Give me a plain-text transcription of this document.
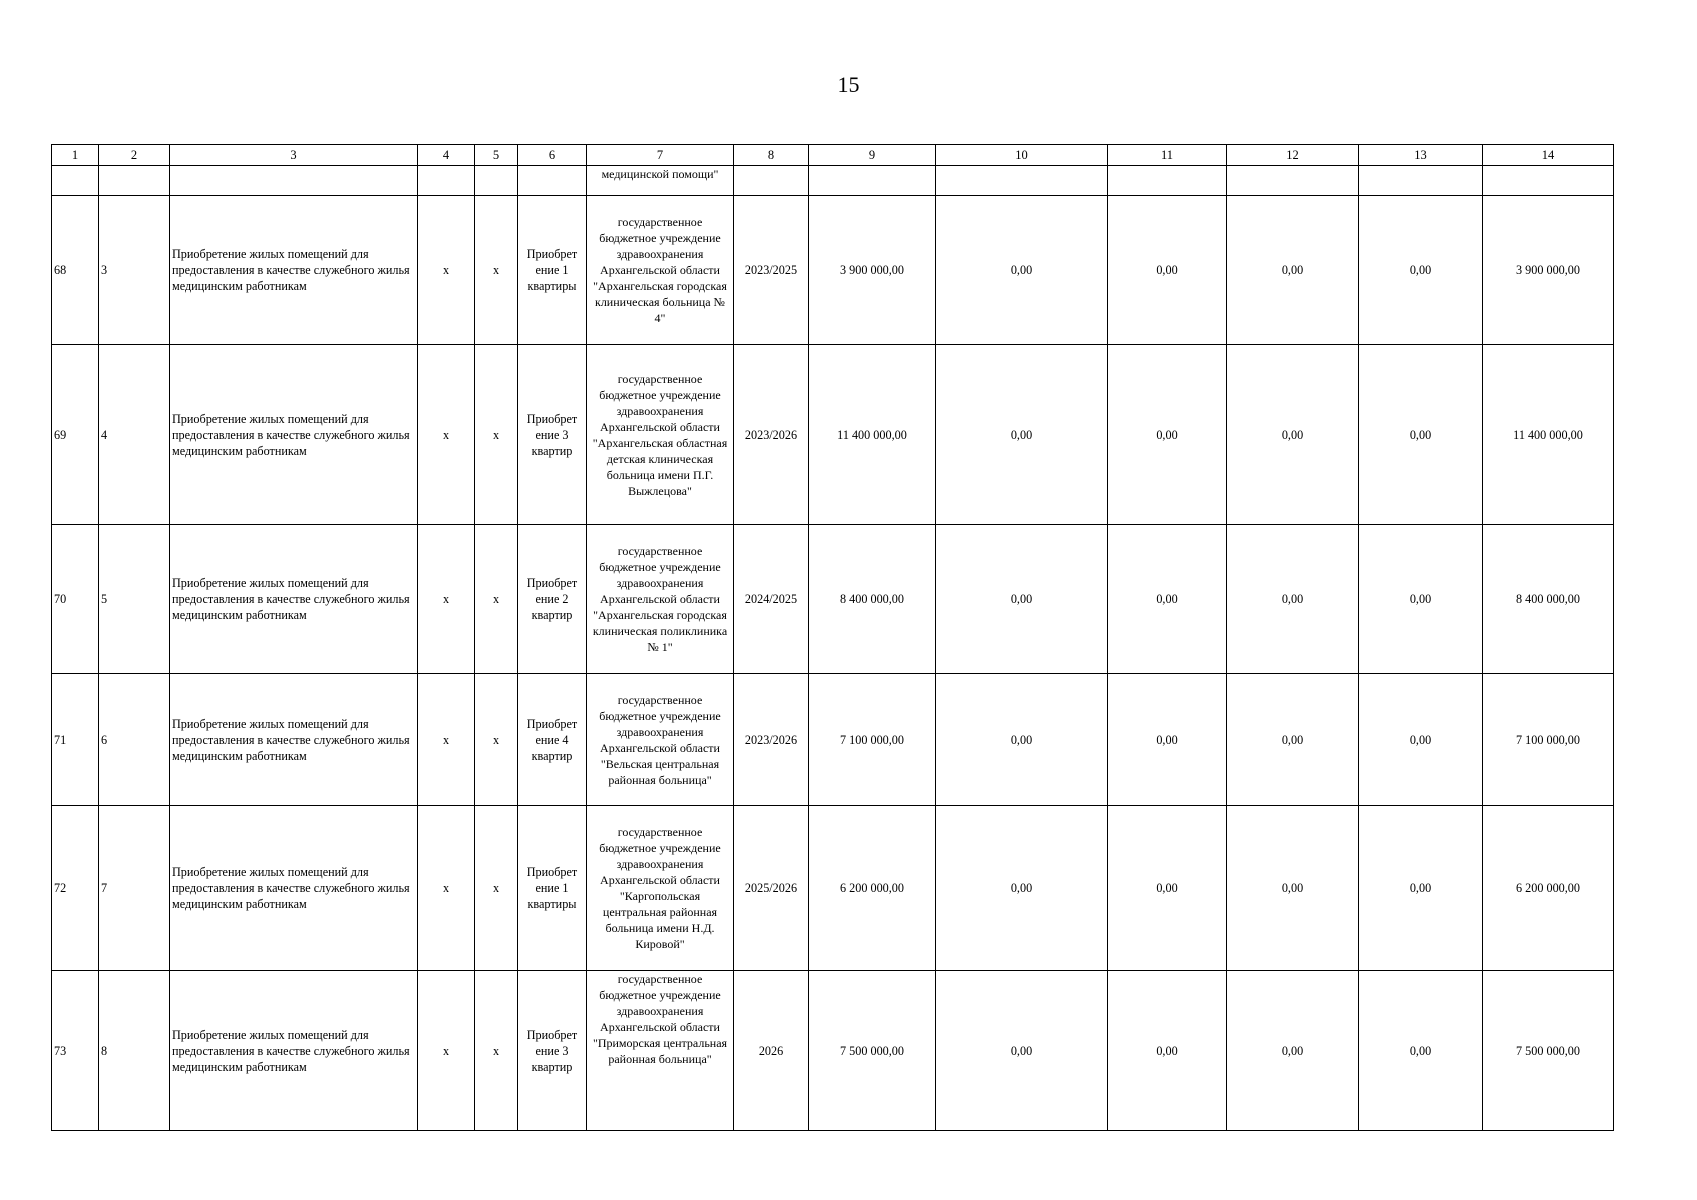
15
1	2	3	4	5	6	7	8	9	10	11	12	13	14
						медицинской помощи"							
68	3	Приобретение жилых помещений для предоставления в качестве служебного жилья медицинским работникам	х	х	Приобрет ение 1 квартиры	государственное бюджетное учреждение здравоохранения Архангельской области "Архангельская городская клиническая больница № 4"	2023/2025	3 900 000,00	0,00	0,00	0,00	0,00	3 900 000,00
69	4	Приобретение жилых помещений для предоставления в качестве служебного жилья медицинским работникам	х	х	Приобрет ение 3 квартир	государственное бюджетное учреждение здравоохранения Архангельской области "Архангельская областная детская клиническая больница имени П.Г. Выжлецова"	2023/2026	11 400 000,00	0,00	0,00	0,00	0,00	11 400 000,00
70	5	Приобретение жилых помещений для предоставления в качестве служебного жилья медицинским работникам	х	х	Приобрет ение 2 квартир	государственное бюджетное учреждение здравоохранения Архангельской области "Архангельская городская клиническая поликлиника № 1"	2024/2025	8 400 000,00	0,00	0,00	0,00	0,00	8 400 000,00
71	6	Приобретение жилых помещений для предоставления в качестве служебного жилья медицинским работникам	х	х	Приобрет ение 4 квартир	государственное бюджетное учреждение здравоохранения Архангельской области "Вельская центральная районная больница"	2023/2026	7 100 000,00	0,00	0,00	0,00	0,00	7 100 000,00
72	7	Приобретение жилых помещений для предоставления в качестве служебного жилья медицинским работникам	х	х	Приобрет ение 1 квартиры	государственное бюджетное учреждение здравоохранения Архангельской области "Каргопольская центральная районная больница имени Н.Д. Кировой"	2025/2026	6 200 000,00	0,00	0,00	0,00	0,00	6 200 000,00
73	8	Приобретение жилых помещений для предоставления в качестве служебного жилья медицинским работникам	х	х	Приобрет ение 3 квартир	государственное бюджетное учреждение здравоохранения Архангельской области "Приморская центральная районная больница"	2026	7 500 000,00	0,00	0,00	0,00	0,00	7 500 000,00
